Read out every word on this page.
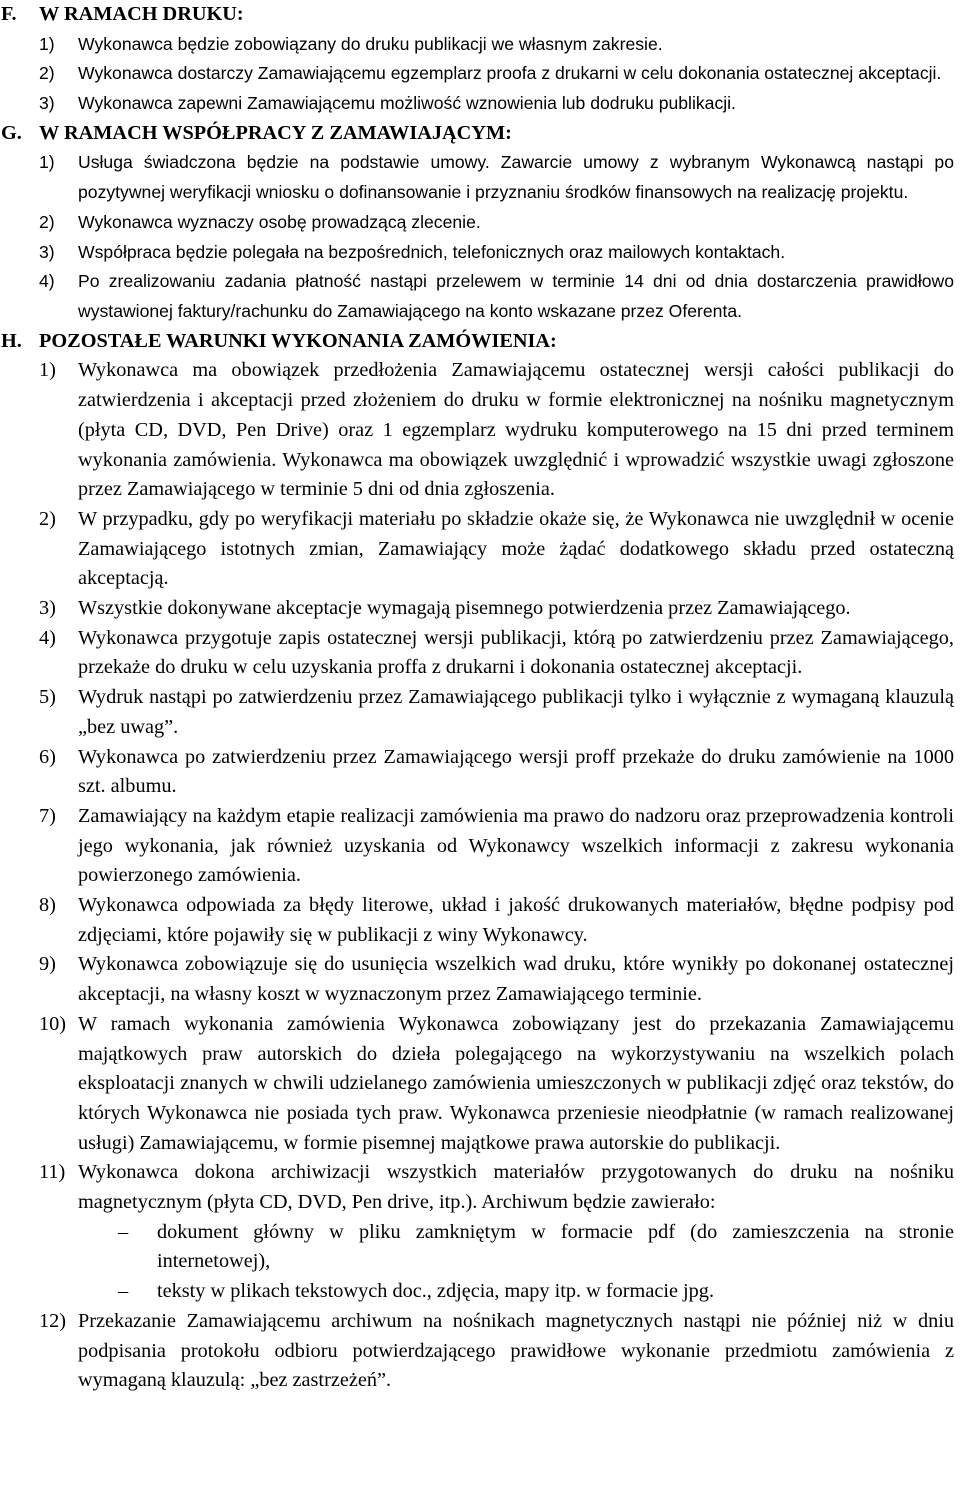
F. W RAMACH DRUKU:
1) Wykonawca będzie zobowiązany do druku publikacji we własnym zakresie.
2) Wykonawca dostarczy Zamawiającemu egzemplarz proofa z drukarni w celu dokonania ostatecznej akceptacji.
3) Wykonawca zapewni Zamawiającemu możliwość wznowienia lub dodruku publikacji.
G. W RAMACH WSPÓŁPRACY Z ZAMAWIAJĄCYM:
1) Usługa świadczona będzie na podstawie umowy. Zawarcie umowy z wybranym Wykonawcą nastąpi po pozytywnej weryfikacji wniosku o dofinansowanie i przyznaniu środków finansowych na realizację projektu.
2) Wykonawca wyznaczy osobę prowadzącą zlecenie.
3) Współpraca będzie polegała na bezpośrednich, telefonicznych oraz mailowych kontaktach.
4) Po zrealizowaniu zadania płatność nastąpi przelewem w terminie 14 dni od dnia dostarczenia prawidłowo wystawionej faktury/rachunku do Zamawiającego na konto wskazane przez Oferenta.
H. POZOSTAŁE WARUNKI WYKONANIA ZAMÓWIENIA:
1) Wykonawca ma obowiązek przedłożenia Zamawiającemu ostatecznej wersji całości publikacji do zatwierdzenia i akceptacji przed złożeniem do druku w formie elektronicznej na nośniku magnetycznym (płyta CD, DVD, Pen Drive) oraz 1 egzemplarz wydruku komputerowego na 15 dni przed terminem wykonania zamówienia. Wykonawca ma obowiązek uwzględnić i wprowadzić wszystkie uwagi zgłoszone przez Zamawiającego w terminie 5 dni od dnia zgłoszenia.
2) W przypadku, gdy po weryfikacji materiału po składzie okaże się, że Wykonawca nie uwzględnił w ocenie Zamawiającego istotnych zmian, Zamawiający może żądać dodatkowego składu przed ostateczną akceptacją.
3) Wszystkie dokonywane akceptacje wymagają pisemnego potwierdzenia przez Zamawiającego.
4) Wykonawca przygotuje zapis ostatecznej wersji publikacji, którą po zatwierdzeniu przez Zamawiającego, przekaże do druku w celu uzyskania proffa z drukarni i dokonania ostatecznej akceptacji.
5) Wydruk nastąpi po zatwierdzeniu przez Zamawiającego publikacji tylko i wyłącznie z wymaganą klauzulą „bez uwag”.
6) Wykonawca po zatwierdzeniu przez Zamawiającego wersji proff przekaże do druku zamówienie na 1000 szt. albumu.
7) Zamawiający na każdym etapie realizacji zamówienia ma prawo do nadzoru oraz przeprowadzenia kontroli jego wykonania, jak również uzyskania od Wykonawcy wszelkich informacji z zakresu wykonania powierzonego zamówienia.
8) Wykonawca odpowiada za błędy literowe, układ i jakość drukowanych materiałów, błędne podpisy pod zdjęciami, które pojawiły się w publikacji z winy Wykonawcy.
9) Wykonawca zobowiązuje się do usunięcia wszelkich wad druku, które wynikły po dokonanej ostatecznej akceptacji, na własny koszt w wyznaczonym przez Zamawiającego terminie.
10) W ramach wykonania zamówienia Wykonawca zobowiązany jest do przekazania Zamawiającemu majątkowych praw autorskich do dzieła polegającego na wykorzystywaniu na wszelkich polach eksploatacji znanych w chwili udzielanego zamówienia umieszczonych w publikacji zdjęć oraz tekstów, do których Wykonawca nie posiada tych praw. Wykonawca przeniesie nieodpłatnie (w ramach realizowanej usługi) Zamawiającemu, w formie pisemnej majątkowe prawa autorskie do publikacji.
11) Wykonawca dokona archiwizacji wszystkich materiałów przygotowanych do druku na nośniku magnetycznym (płyta CD, DVD, Pen drive, itp.). Archiwum będzie zawierało:
– dokument główny w pliku zamkniętym w formacie pdf (do zamieszczenia na stronie internetowej),
– teksty w plikach tekstowych doc., zdjęcia, mapy itp. w formacie jpg.
12) Przekazanie Zamawiającemu archiwum na nośnikach magnetycznych nastąpi nie później niż w dniu podpisania protokołu odbioru potwierdzającego prawidłowe wykonanie przedmiotu zamówienia z wymaganą klauzulą: „bez zastrzeżeń”.
